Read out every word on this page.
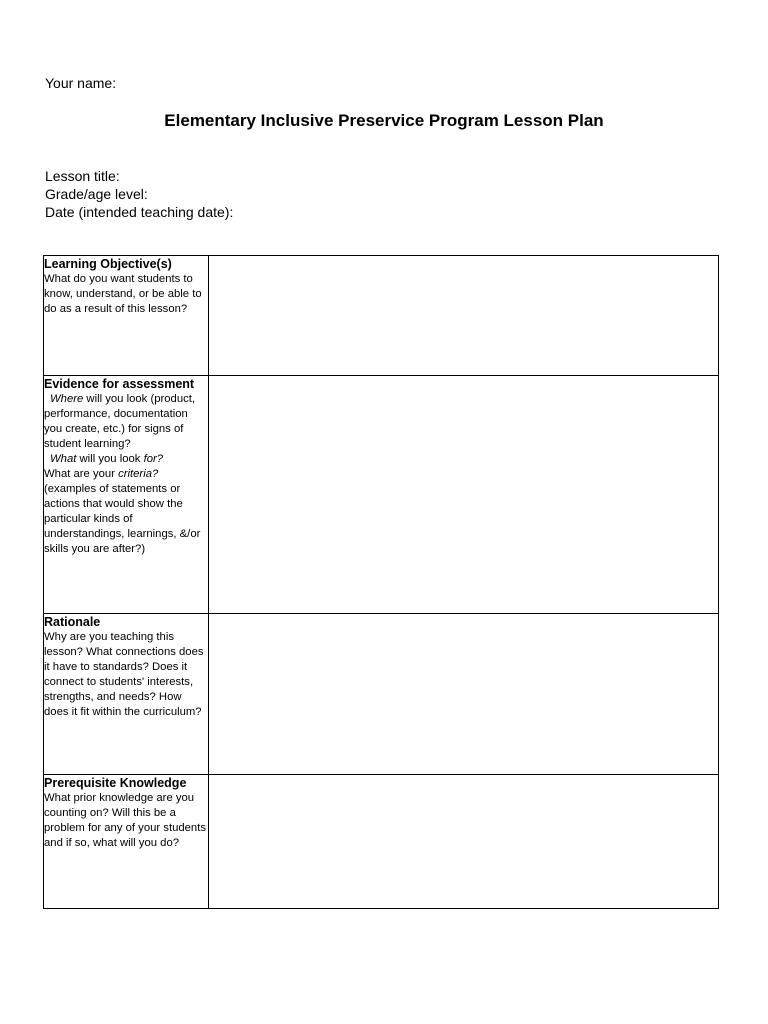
Your name:
Elementary Inclusive Preservice Program Lesson Plan
Lesson title:
Grade/age level:
Date (intended teaching date):
Learning Objective(s)
What do you want students to know, understand, or be able to do as a result of this lesson?	

Evidence for assessment
Where will you look (product, performance, documentation you create, etc.) for signs of student learning?
What will you look for?
What are your criteria? (examples of statements or actions that would show the particular kinds of understandings, learnings, &/or skills you are after?)	

Rationale
Why are you teaching this lesson? What connections does it have to standards? Does it connect to students' interests, strengths, and needs? How does it fit within the curriculum?	

Prerequisite Knowledge
What prior knowledge are you counting on? Will this be a problem for any of your students and if so, what will you do?	
